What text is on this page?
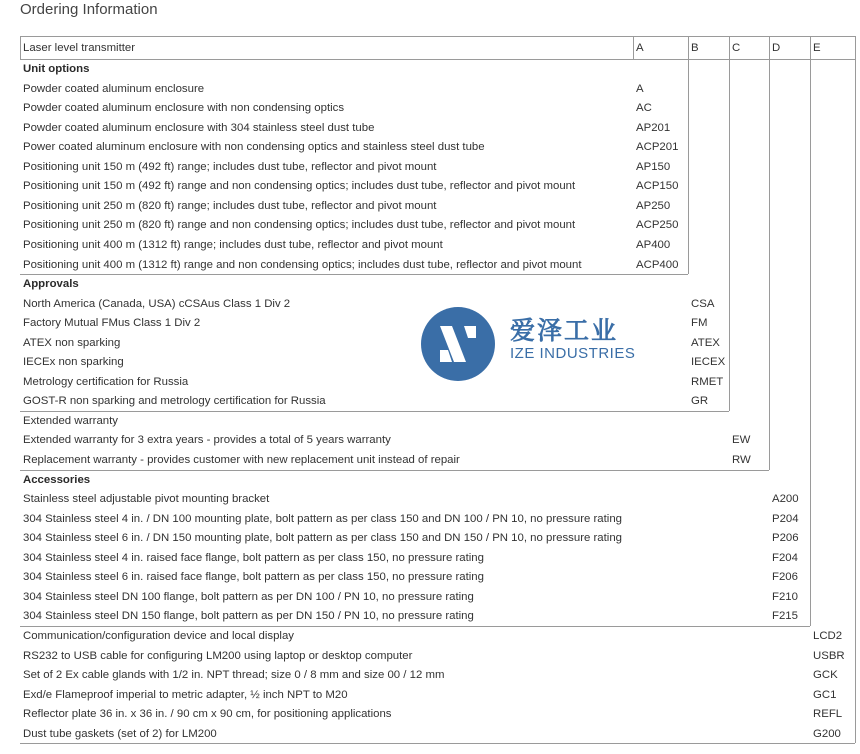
Ordering Information
Laser level transmitter	A	B	C	D	E
Unit options
Powder coated aluminum enclosure	A
Powder coated aluminum enclosure with non condensing optics	AC
Powder coated aluminum enclosure with 304 stainless steel dust tube	AP201
Power coated aluminum enclosure with non condensing optics and stainless steel dust tube	ACP201
Positioning unit 150 m (492 ft) range; includes dust tube, reflector and pivot mount	AP150
Positioning unit 150 m (492 ft) range and non condensing optics; includes dust tube, reflector and pivot mount	ACP150
Positioning unit 250 m (820 ft) range; includes dust tube, reflector and pivot mount	AP250
Positioning unit 250 m (820 ft) range and non condensing optics; includes dust tube, reflector and pivot mount	ACP250
Positioning unit 400 m (1312 ft) range; includes dust tube, reflector and pivot mount	AP400
Positioning unit 400 m (1312 ft) range and non condensing optics; includes dust tube, reflector and pivot mount	ACP400
Approvals
North America (Canada, USA) cCSAus Class 1 Div 2	CSA
Factory Mutual FMus Class 1 Div 2	FM
ATEX non sparking	ATEX
IECEx non sparking	IECEX
Metrology certification for Russia	RMET
GOST-R non sparking and metrology certification for Russia	GR
Extended warranty
Extended warranty for 3 extra years - provides a total of 5 years warranty	EW
Replacement warranty - provides customer with new replacement unit instead of repair	RW
Accessories
Stainless steel adjustable pivot mounting bracket	A200
304 Stainless steel 4 in. / DN 100 mounting plate, bolt pattern as per class 150 and DN 100 / PN 10, no pressure rating	P204
304 Stainless steel 6 in. / DN 150 mounting plate, bolt pattern as per class 150 and DN 150 / PN 10, no pressure rating	P206
304 Stainless steel 4 in. raised face flange, bolt pattern as per class 150, no pressure rating	F204
304 Stainless steel 6 in. raised face flange, bolt pattern as per class 150, no pressure rating	F206
304 Stainless steel DN 100 flange, bolt pattern as per DN 100 / PN 10, no pressure rating	F210
304 Stainless steel DN 150 flange, bolt pattern as per DN 150 / PN 10, no pressure rating	F215
Communication/configuration device and local display	LCD2
RS232 to USB cable for configuring LM200 using laptop or desktop computer	USBR
Set of 2 Ex cable glands with 1/2 in. NPT thread; size 0 / 8 mm and size 00 / 12 mm	GCK
Exd/e Flameproof imperial to metric adapter, ½ inch NPT to M20	GC1
Reflector plate 36 in. x 36 in. / 90 cm x 90 cm, for positioning applications	REFL
Dust tube gaskets (set of 2) for LM200	G200
爱泽工业
IZE INDUSTRIES
